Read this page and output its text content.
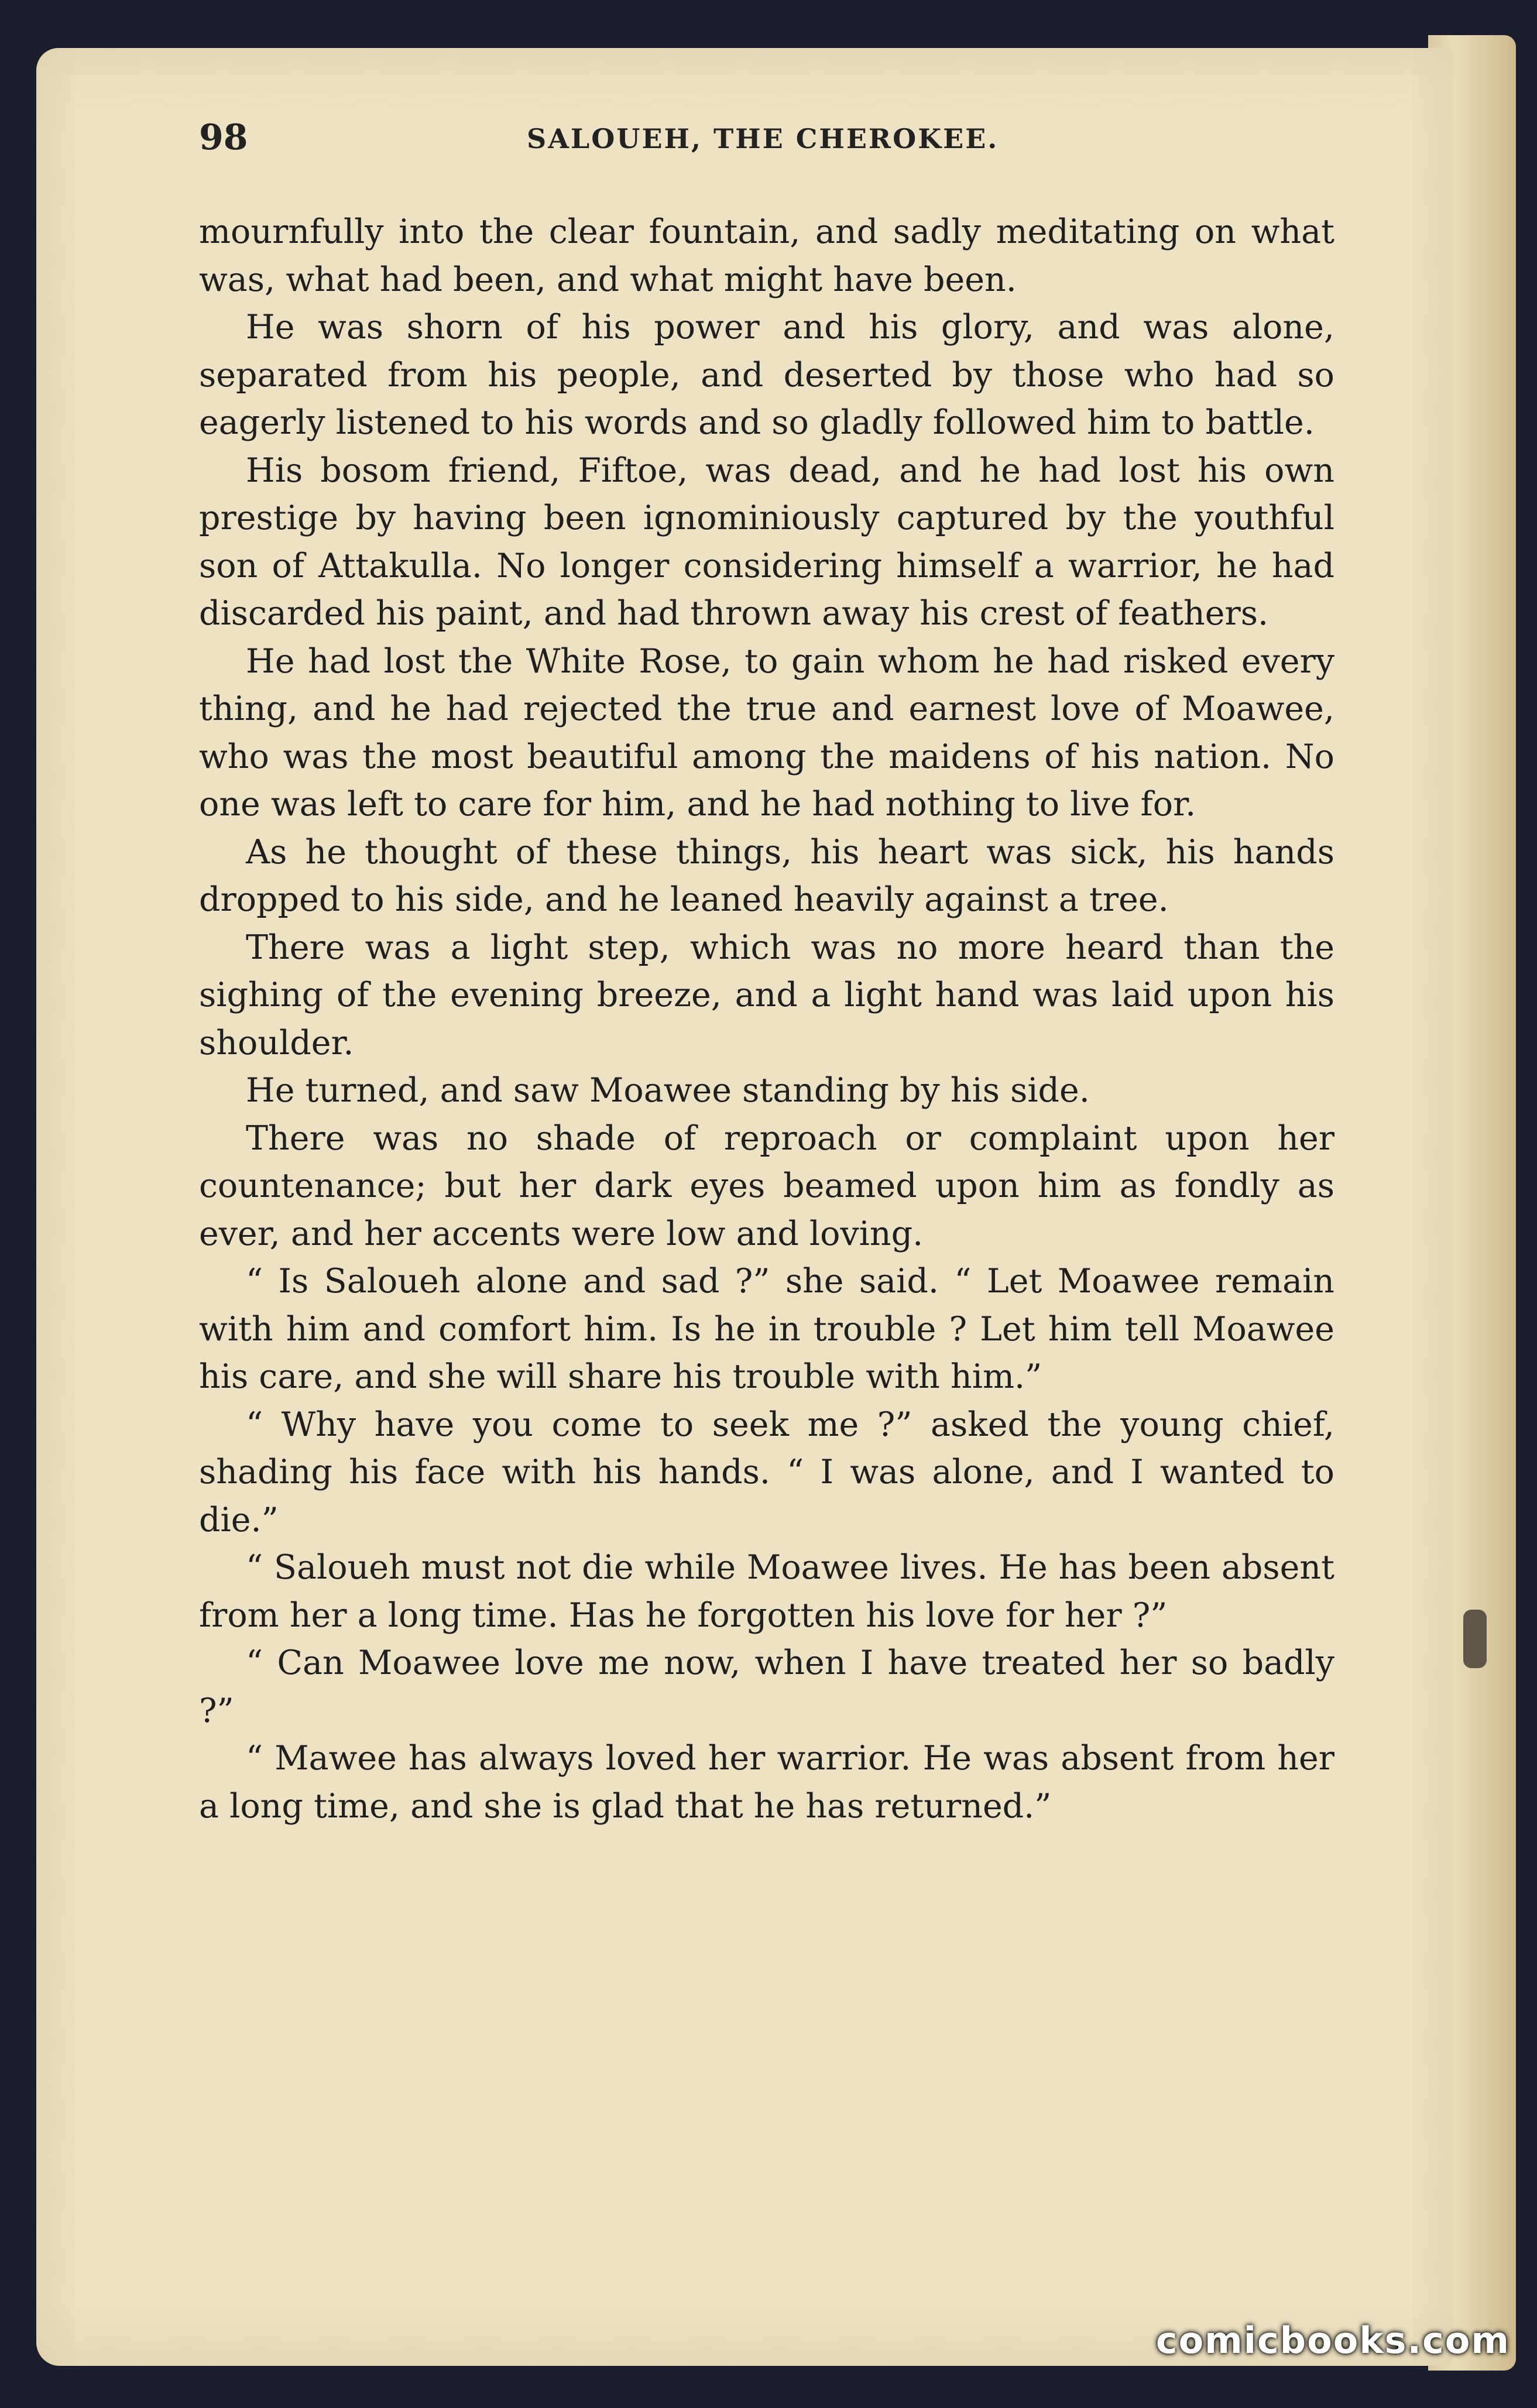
98	SALOUEH, THE CHEROKEE.

mournfully into the clear fountain, and sadly meditating on what was, what had been, and what might have been.

He was shorn of his power and his glory, and was alone, separated from his people, and deserted by those who had so eagerly listened to his words and so gladly followed him to battle.

His bosom friend, Fiftoe, was dead, and he had lost his own prestige by having been ignominiously captured by the youthful son of Attakulla. No longer considering himself a warrior, he had discarded his paint, and had thrown away his crest of feathers.

He had lost the White Rose, to gain whom he had risked every thing, and he had rejected the true and earnest love of Moawee, who was the most beautiful among the maidens of his nation. No one was left to care for him, and he had nothing to live for.

As he thought of these things, his heart was sick, his hands dropped to his side, and he leaned heavily against a tree.

There was a light step, which was no more heard than the sighing of the evening breeze, and a light hand was laid upon his shoulder.

He turned, and saw Moawee standing by his side.

There was no shade of reproach or complaint upon her countenance; but her dark eyes beamed upon him as fondly as ever, and her accents were low and loving.

“ Is Saloueh alone and sad ?” she said. “ Let Moawee remain with him and comfort him. Is he in trouble ? Let him tell Moawee his care, and she will share his trouble with him.”

“ Why have you come to seek me ?” asked the young chief, shading his face with his hands. “ I was alone, and I wanted to die.”

“ Saloueh must not die while Moawee lives. He has been absent from her a long time. Has he forgotten his love for her ?”

“ Can Moawee love me now, when I have treated her so badly ?”

“ Mawee has always loved her warrior. He was absent from her a long time, and she is glad that he has returned.”

comicbooks.com
